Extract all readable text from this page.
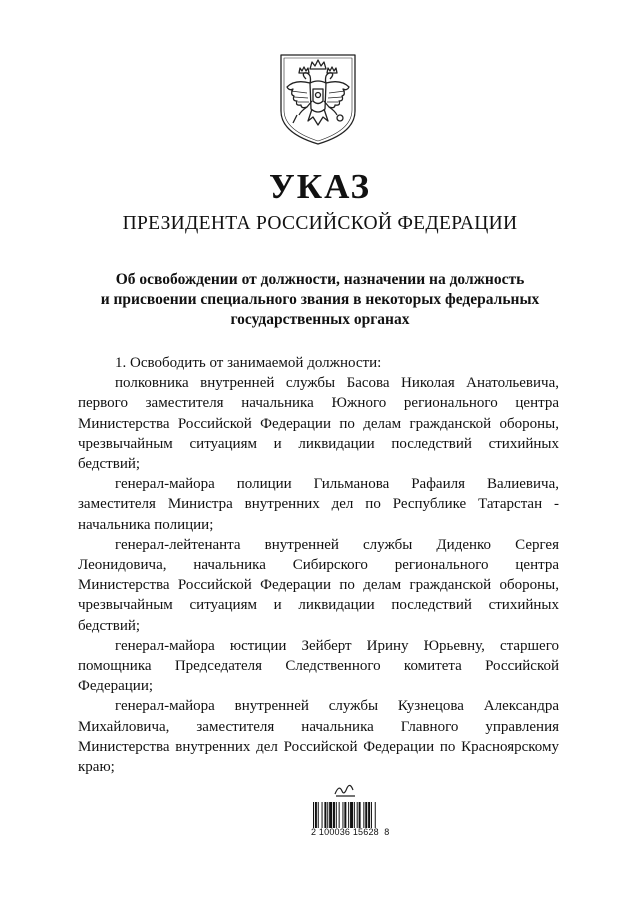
УКАЗ
ПРЕЗИДЕНТА РОССИЙСКОЙ ФЕДЕРАЦИИ
Об освобождении от должности, назначении на должность
и присвоении специального звания в некоторых федеральных
государственных органах

1. Освободить от занимаемой должности:

полковника внутренней службы Басова Николая Анатольевича, первого заместителя начальника Южного регионального центра Министерства Российской Федерации по делам гражданской обороны, чрезвычайным ситуациям и ликвидации последствий стихийных бедствий;

генерал-майора полиции Гильманова Рафаиля Валиевича, заместителя Министра внутренних дел по Республике Татарстан - начальника полиции;

генерал-лейтенанта внутренней службы Диденко Сергея Леонидовича, начальника Сибирского регионального центра Министерства Российской Федерации по делам гражданской обороны, чрезвычайным ситуациям и ликвидации последствий стихийных бедствий;

генерал-майора юстиции Зейберт Ирину Юрьевну, старшего помощника Председателя Следственного комитета Российской Федерации;

генерал-майора внутренней службы Кузнецова Александра Михайловича, заместителя начальника Главного управления Министерства внутренних дел Российской Федерации по Красноярскому краю;

2 100036 15628  8
